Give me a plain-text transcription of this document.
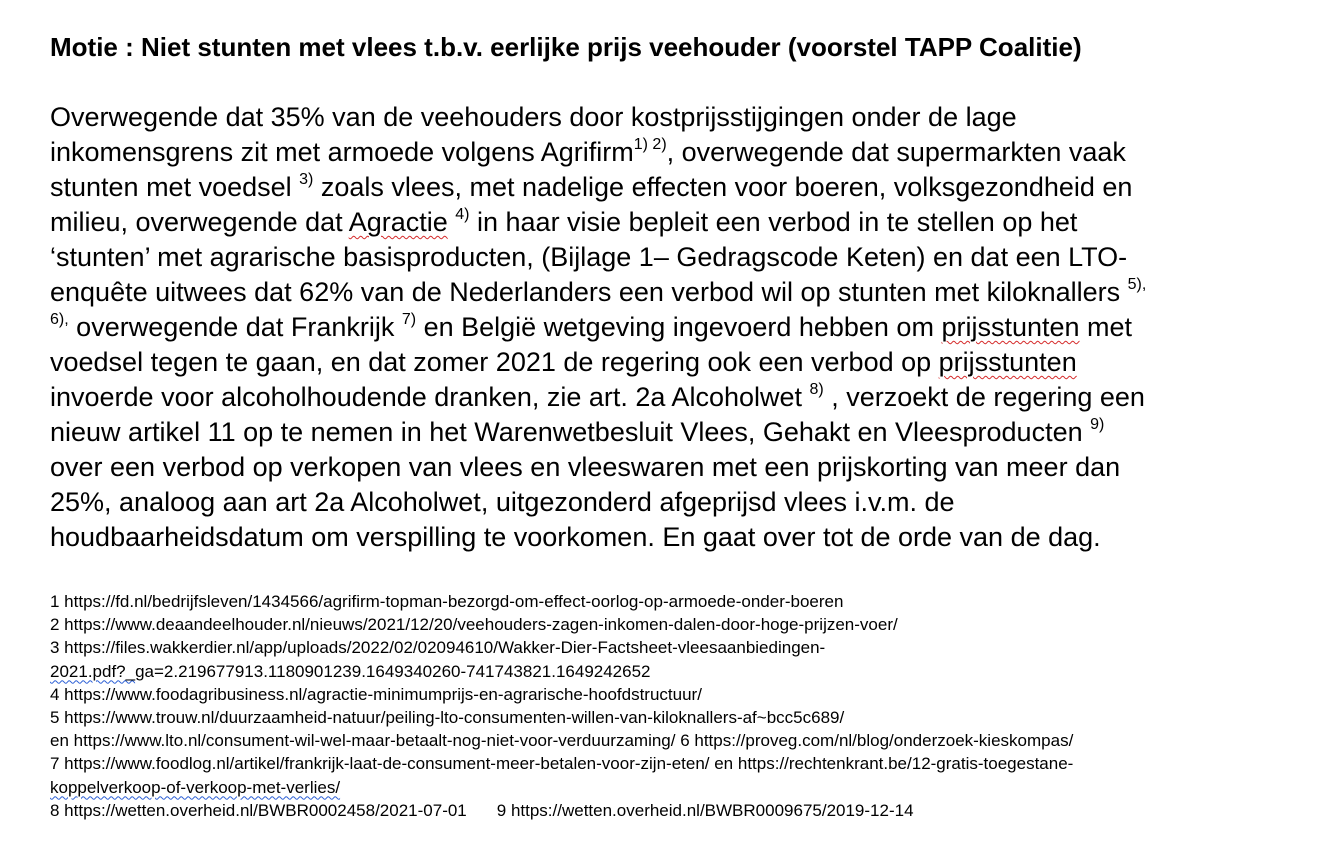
Motie : Niet stunten met vlees t.b.v. eerlijke prijs veehouder (voorstel TAPP Coalitie)
Overwegende dat 35% van de veehouders door kostprijsstijgingen onder de lage
inkomensgrens zit met armoede volgens Agrifirm$^{1) 2)}$, overwegende dat supermarkten vaak
stunten met voedsel $^{3)}$ zoals vlees, met nadelige effecten voor boeren, volksgezondheid en
milieu, overwegende dat Agractie $^{4)}$ in haar visie bepleit een verbod in te stellen op het
‘stunten’ met agrarische basisproducten, (Bijlage 1– Gedragscode Keten) en dat een LTO-
enquête uitwees dat 62% van de Nederlanders een verbod wil op stunten met kiloknallers $^{5),}$
$^{6),}$ overwegende dat Frankrijk $^{7)}$ en België wetgeving ingevoerd hebben om prijsstunten met
voedsel tegen te gaan, en dat zomer 2021 de regering ook een verbod op prijsstunten
invoerde voor alcoholhoudende dranken, zie art. 2a Alcoholwet $^{8)}$ , verzoekt de regering een
nieuw artikel 11 op te nemen in het Warenwetbesluit Vlees, Gehakt en Vleesproducten $^{9)}$
over een verbod op verkopen van vlees en vleeswaren met een prijskorting van meer dan
25%, analoog aan art 2a Alcoholwet, uitgezonderd afgeprijsd vlees i.v.m. de
houdbaarheidsdatum om verspilling te voorkomen. En gaat over tot de orde van de dag.
1 https://fd.nl/bedrijfsleven/1434566/agrifirm-topman-bezorgd-om-effect-oorlog-op-armoede-onder-boeren
2 https://www.deaandeelhouder.nl/nieuws/2021/12/20/veehouders-zagen-inkomen-dalen-door-hoge-prijzen-voer/
3 https://files.wakkerdier.nl/app/uploads/2022/02/02094610/Wakker-Dier-Factsheet-vleesaanbiedingen-
2021.pdf?_ga=2.219677913.1180901239.1649340260-741743821.1649242652
4 https://www.foodagribusiness.nl/agractie-minimumprijs-en-agrarische-hoofdstructuur/
5 https://www.trouw.nl/duurzaamheid-natuur/peiling-lto-consumenten-willen-van-kiloknallers-af~bcc5c689/
en https://www.lto.nl/consument-wil-wel-maar-betaalt-nog-niet-voor-verduurzaming/ 6 https://proveg.com/nl/blog/onderzoek-kieskompas/
7 https://www.foodlog.nl/artikel/frankrijk-laat-de-consument-meer-betalen-voor-zijn-eten/ en https://rechtenkrant.be/12-gratis-toegestane-
koppelverkoop-of-verkoop-met-verlies/
8 https://wetten.overheid.nl/BWBR0002458/2021-07-01 9 https://wetten.overheid.nl/BWBR0009675/2019-12-14
